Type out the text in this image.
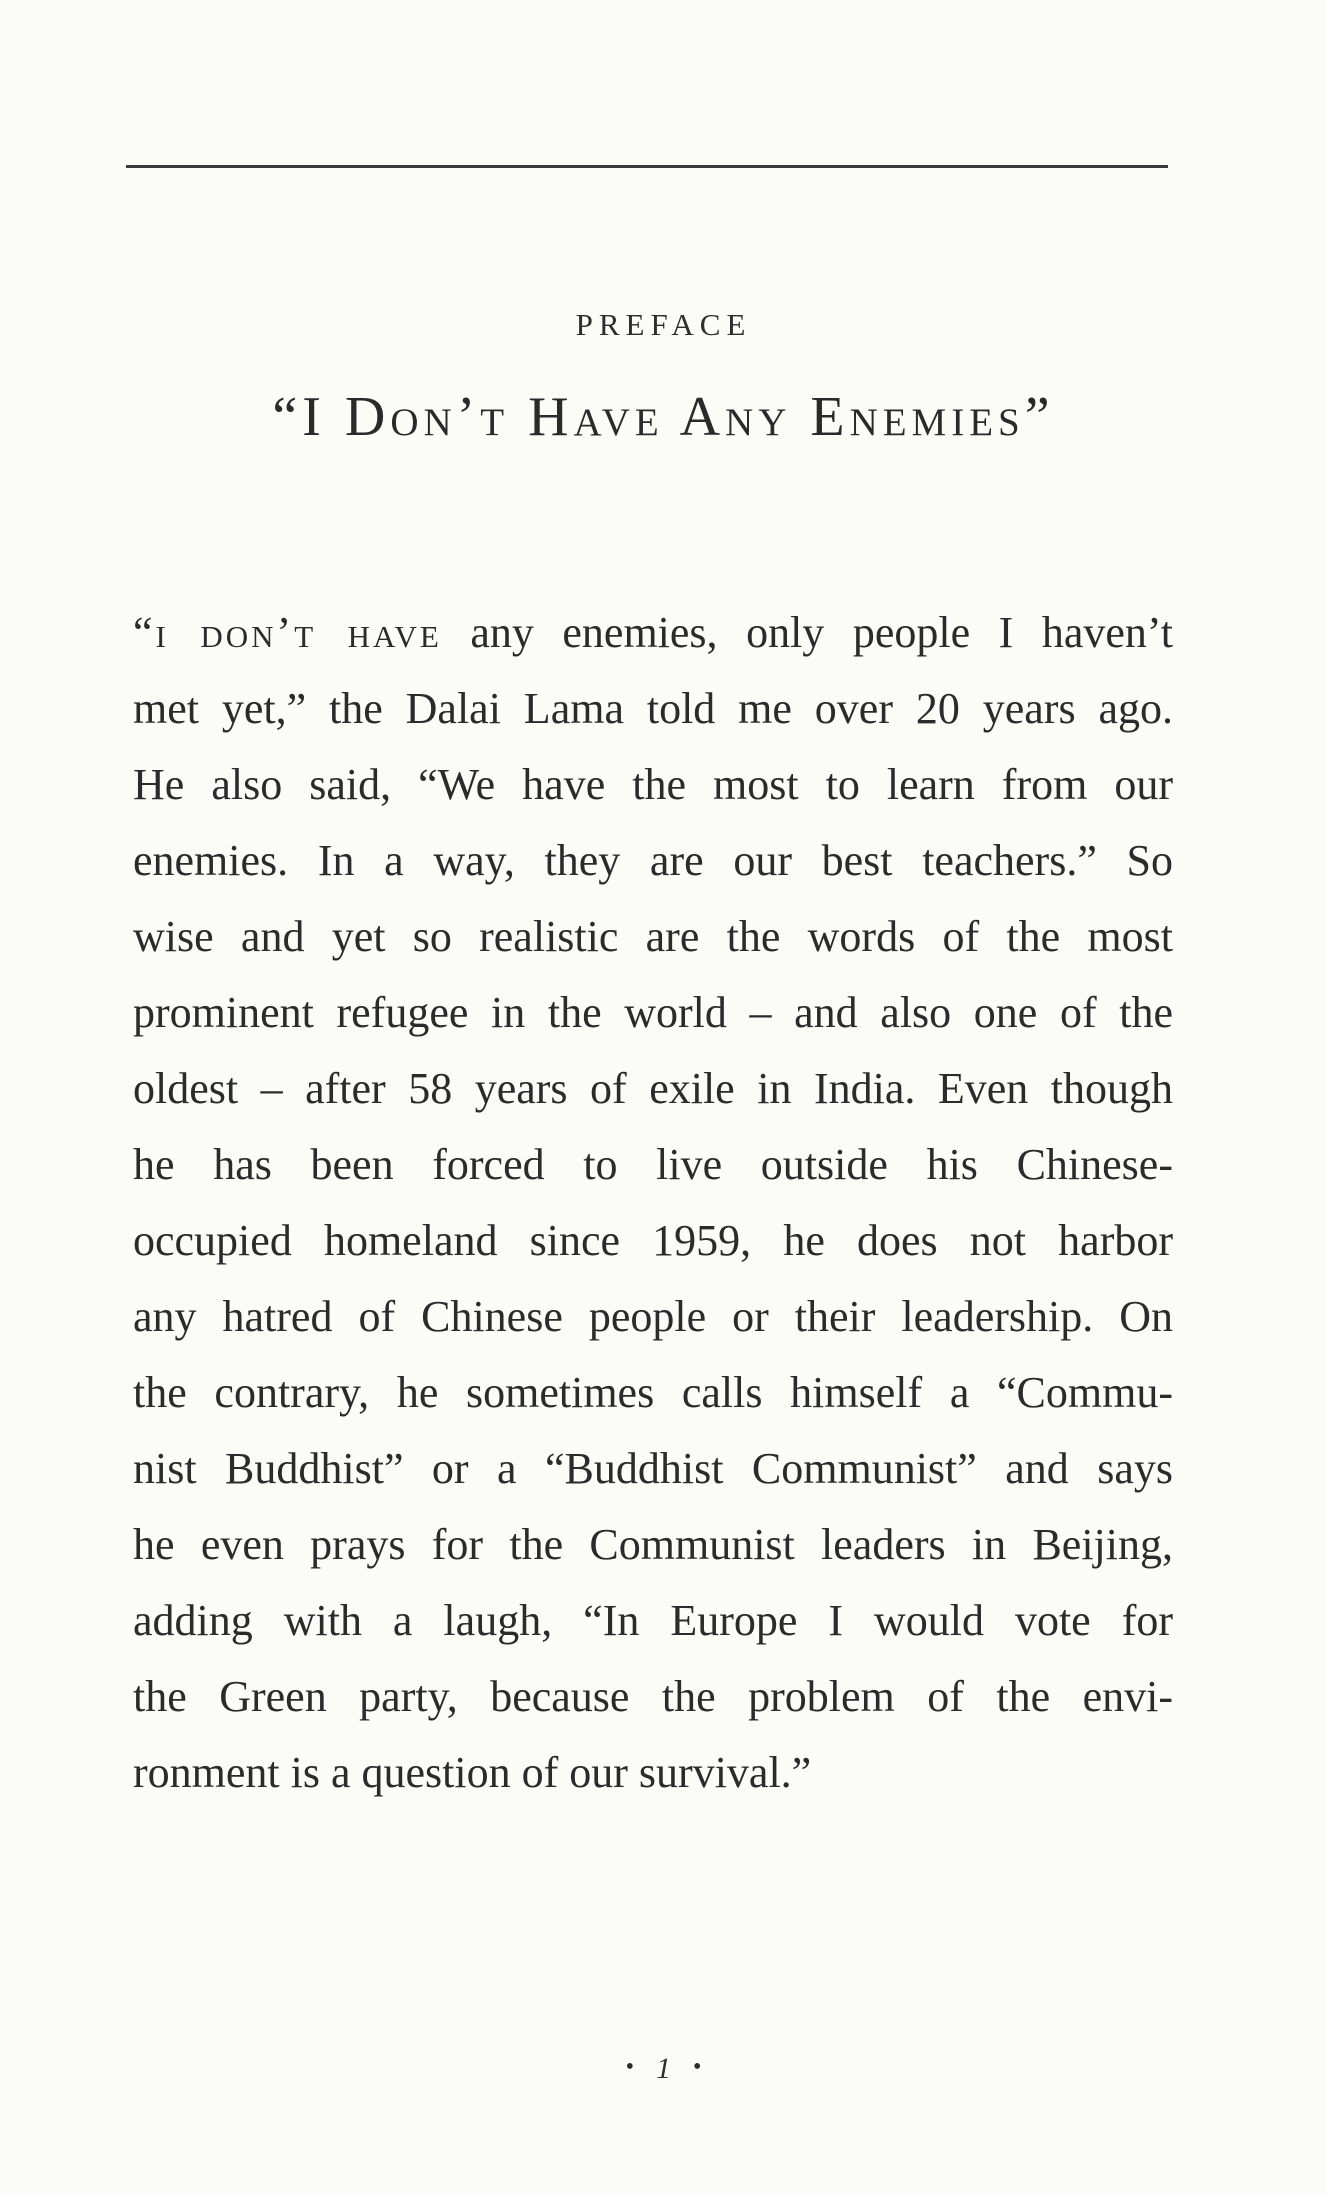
PREFACE
“I Don’t Have Any Enemies”
“i don’t have any enemies, only people I haven’t
met yet,” the Dalai Lama told me over 20 years ago.
He also said, “We have the most to learn from our
enemies. In a way, they are our best teachers.” So
wise and yet so realistic are the words of the most
prominent refugee in the world – and also one of the
oldest – after 58 years of exile in India. Even though
he has been forced to live outside his Chinese-
occupied homeland since 1959, he does not harbor
any hatred of Chinese people or their leadership. On
the contrary, he sometimes calls himself a “Commu-
nist Buddhist” or a “Buddhist Communist” and says
he even prays for the Communist leaders in Beijing,
adding with a laugh, “In Europe I would vote for
the Green party, because the problem of the envi-
ronment is a question of our survival.”
• 1 •
